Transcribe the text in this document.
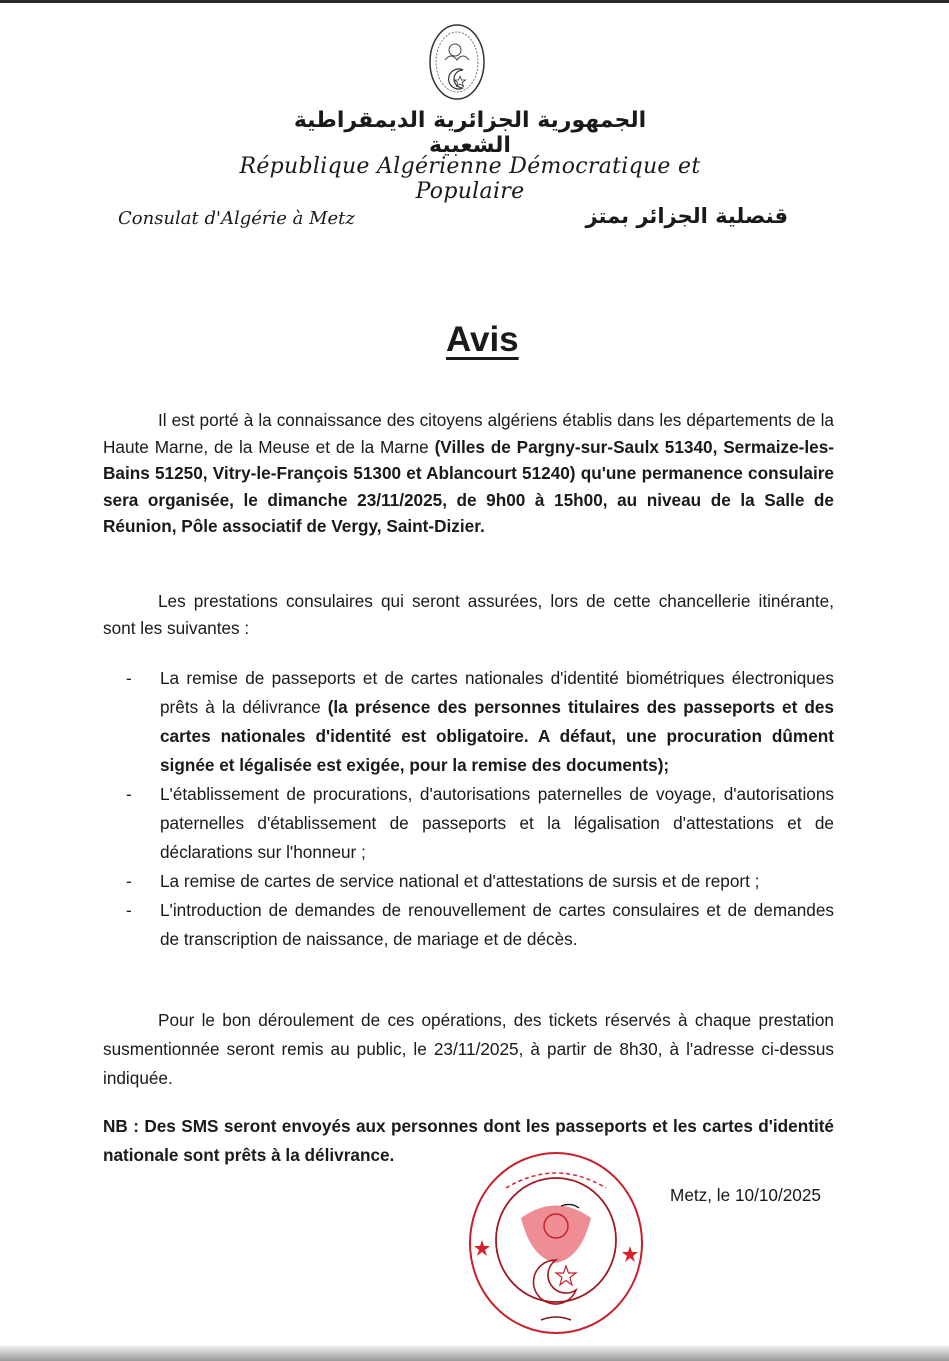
الجمهورية الجزائرية الديمقراطية الشعبية
République Algérienne Démocratique et Populaire
Consulat d'Algérie à Metz	قنصلية الجزائر بمتز
Avis

Il est porté à la connaissance des citoyens algériens établis dans les départements de la Haute Marne, de la Meuse et de la Marne (Villes de Pargny-sur-Saulx 51340, Sermaize-les-Bains 51250, Vitry-le-François 51300 et Ablancourt 51240) qu'une permanence consulaire sera organisée, le dimanche 23/11/2025, de 9h00 à 15h00, au niveau de la Salle de Réunion, Pôle associatif de Vergy, Saint-Dizier.

Les prestations consulaires qui seront assurées, lors de cette chancellerie itinérante, sont les suivantes :

- La remise de passeports et de cartes nationales d'identité biométriques électroniques prêts à la délivrance (la présence des personnes titulaires des passeports et des cartes nationales d'identité est obligatoire. A défaut, une procuration dûment signée et légalisée est exigée, pour la remise des documents);
- L'établissement de procurations, d'autorisations paternelles de voyage, d'autorisations paternelles d'établissement de passeports et la légalisation d'attestations et de déclarations sur l'honneur ;
- La remise de cartes de service national et d'attestations de sursis et de report ;
- L'introduction de demandes de renouvellement de cartes consulaires et de demandes de transcription de naissance, de mariage et de décès.

Pour le bon déroulement de ces opérations, des tickets réservés à chaque prestation susmentionnée seront remis au public, le 23/11/2025, à partir de 8h30, à l'adresse ci-dessus indiquée.

NB : Des SMS seront envoyés aux personnes dont les passeports et les cartes d'identité nationale sont prêts à la délivrance.

Metz, le 10/10/2025
